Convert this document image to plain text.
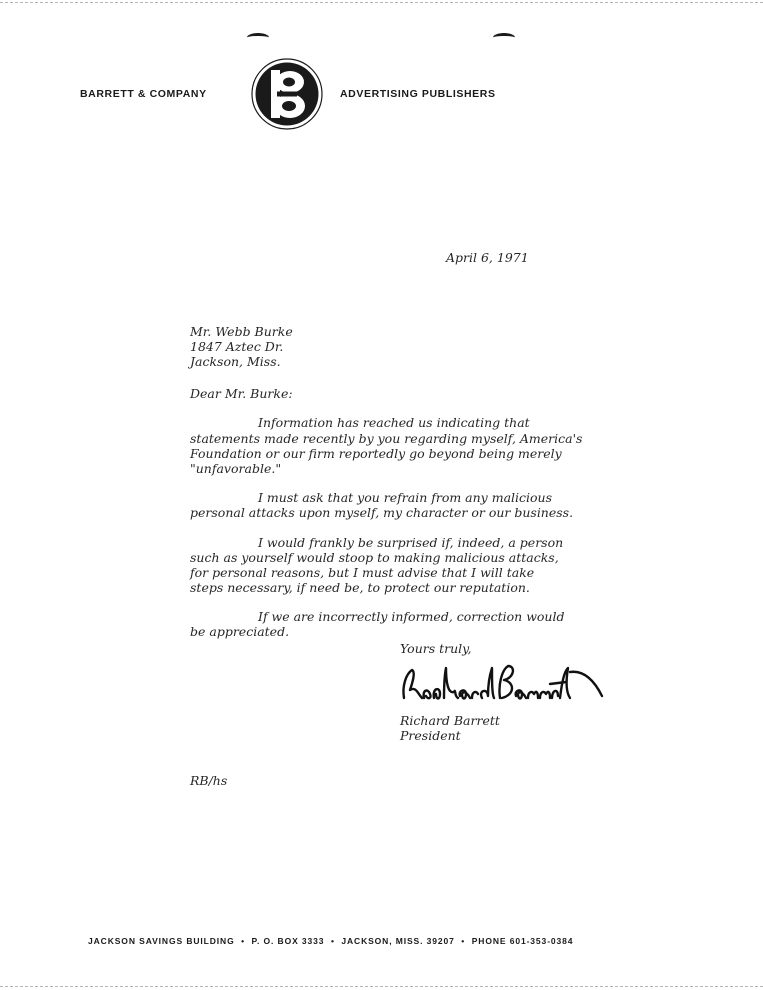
BARRETT & COMPANY	ADVERTISING PUBLISHERS
April 6, 1971
Mr. Webb Burke
1847 Aztec Dr.
Jackson, Miss.
Dear Mr. Burke:
Information has reached us indicating that
statements made recently by you regarding myself, America's
Foundation or our firm reportedly go beyond being merely
"unfavorable."
I must ask that you refrain from any malicious
personal attacks upon myself, my character or our business.
I would frankly be surprised if, indeed, a person
such as yourself would stoop to making malicious attacks,
for personal reasons, but I must advise that I will take
steps necessary, if need be, to protect our reputation.
If we are incorrectly informed, correction would
be appreciated.
Yours truly,
Richard Barrett
President
RB/hs
JACKSON SAVINGS BUILDING  •  P. O. BOX 3333  •  JACKSON, MISS. 39207  •  PHONE 601-353-0384
